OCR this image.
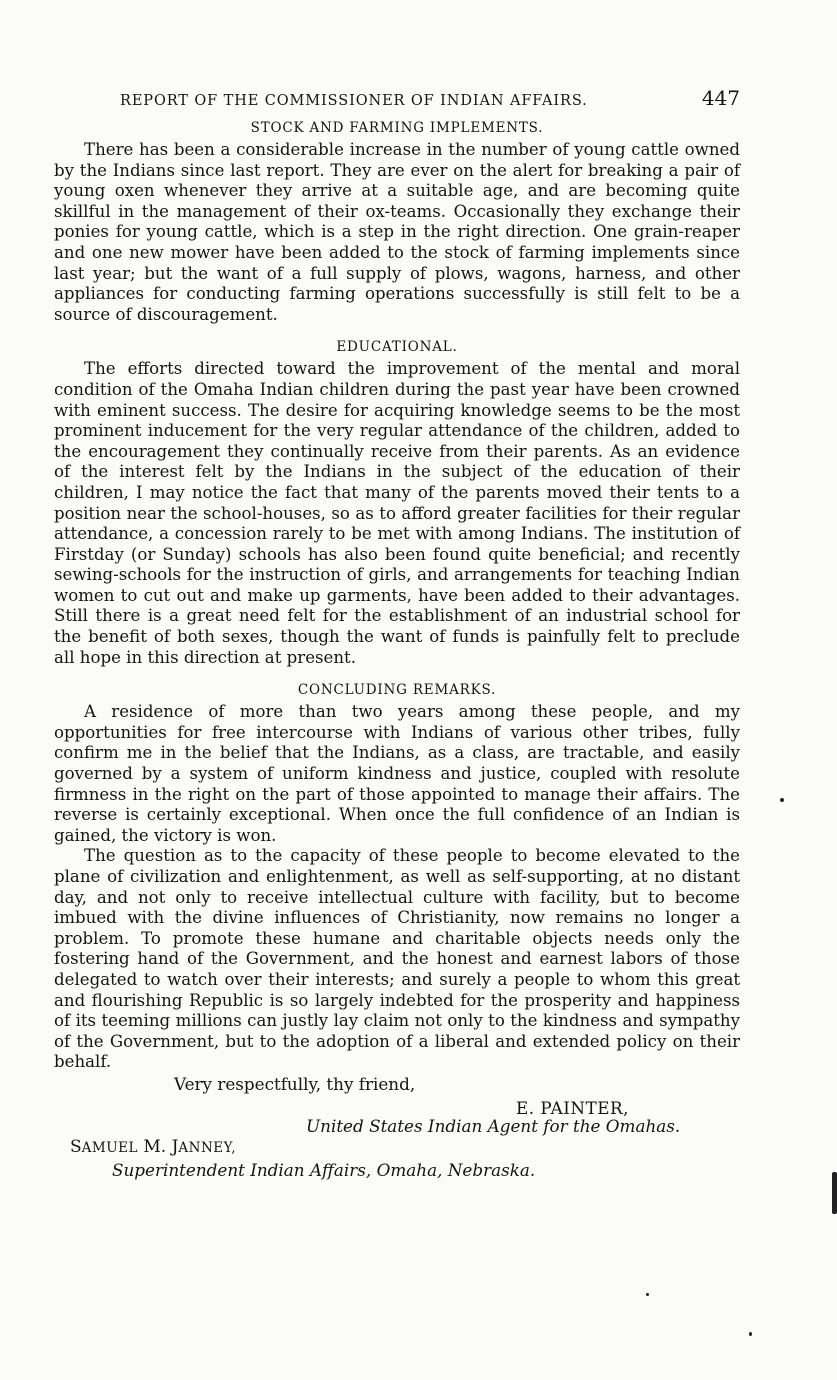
REPORT OF THE COMMISSIONER OF INDIAN AFFAIRS.	447
STOCK AND FARMING IMPLEMENTS.

There has been a considerable increase in the number of young cattle owned by the Indians since last report. They are ever on the alert for breaking a pair of young oxen whenever they arrive at a suitable age, and are becoming quite skillful in the management of their ox-teams. Occasionally they exchange their ponies for young cattle, which is a step in the right direction. One grain-reaper and one new mower have been added to the stock of farming implements since last year; but the want of a full supply of plows, wagons, harness, and other appliances for conducting farming operations successfully is still felt to be a source of discouragement.

EDUCATIONAL.

The efforts directed toward the improvement of the mental and moral condition of the Omaha Indian children during the past year have been crowned with eminent success. The desire for acquiring knowledge seems to be the most prominent inducement for the very regular attendance of the children, added to the encouragement they continually receive from their parents. As an evidence of the interest felt by the Indians in the subject of the education of their children, I may notice the fact that many of the parents moved their tents to a position near the school-houses, so as to afford greater facilities for their regular attendance, a concession rarely to be met with among Indians. The institution of Firstday (or Sunday) schools has also been found quite beneficial; and recently sewing-schools for the instruction of girls, and arrangements for teaching Indian women to cut out and make up garments, have been added to their advantages. Still there is a great need felt for the establishment of an industrial school for the benefit of both sexes, though the want of funds is painfully felt to preclude all hope in this direction at present.

CONCLUDING REMARKS.

A residence of more than two years among these people, and my opportunities for free intercourse with Indians of various other tribes, fully confirm me in the belief that the Indians, as a class, are tractable, and easily governed by a system of uniform kindness and justice, coupled with resolute firmness in the right on the part of those appointed to manage their affairs. The reverse is certainly exceptional. When once the full confidence of an Indian is gained, the victory is won.

The question as to the capacity of these people to become elevated to the plane of civilization and enlightenment, as well as self-supporting, at no distant day, and not only to receive intellectual culture with facility, but to become imbued with the divine influences of Christianity, now remains no longer a problem. To promote these humane and charitable objects needs only the fostering hand of the Government, and the honest and earnest labors of those delegated to watch over their interests; and surely a people to whom this great and flourishing Republic is so largely indebted for the prosperity and happiness of its teeming millions can justly lay claim not only to the kindness and sympathy of the Government, but to the adoption of a liberal and extended policy on their behalf.

Very respectfully, thy friend,
E. PAINTER,
United States Indian Agent for the Omahas.
SAMUEL M. JANNEY,
Superintendent Indian Affairs, Omaha, Nebraska.
